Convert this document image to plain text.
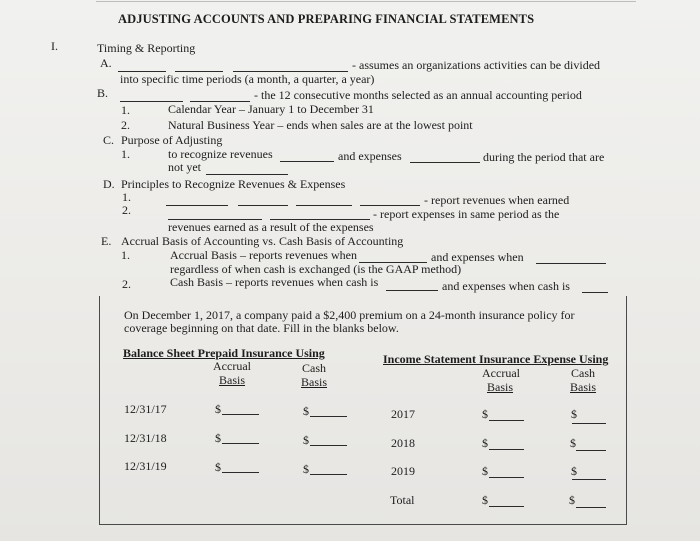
ADJUSTING ACCOUNTS AND PREPARING FINANCIAL STATEMENTS
I.	Timing & Reporting
A.	- assumes an organizations activities can be divided
into specific time periods (a month, a quarter, a year)
B.	- the 12 consecutive months selected as an annual accounting period
1.	Calendar Year – January 1 to December 31
2.	Natural Business Year – ends when sales are at the lowest point
C. Purpose of Adjusting
1.	to recognize revenues	and expenses	during the period that are
not yet
D. Principles to Recognize Revenues & Expenses
1.	- report revenues when earned
2.	- report expenses in same period as the
revenues earned as a result of the expenses
E. Accrual Basis of Accounting vs. Cash Basis of Accounting
1.	Accrual Basis – reports revenues when	and expenses when
regardless of when cash is exchanged (is the GAAP method)
2.	Cash Basis – reports revenues when cash is	and expenses when cash is
On December 1, 2017, a company paid a $2,400 premium on a 24-month insurance policy for
coverage beginning on that date. Fill in the blanks below.
Balance Sheet Prepaid Insurance Using
Accrual
Basis
Cash
Basis
12/31/17	$	$
12/31/18	$	$
12/31/19	$	$
Income Statement Insurance Expense Using
Accrual
Basis
Cash
Basis
2017	$	$
2018	$	$
2019	$	$
Total	$	$
